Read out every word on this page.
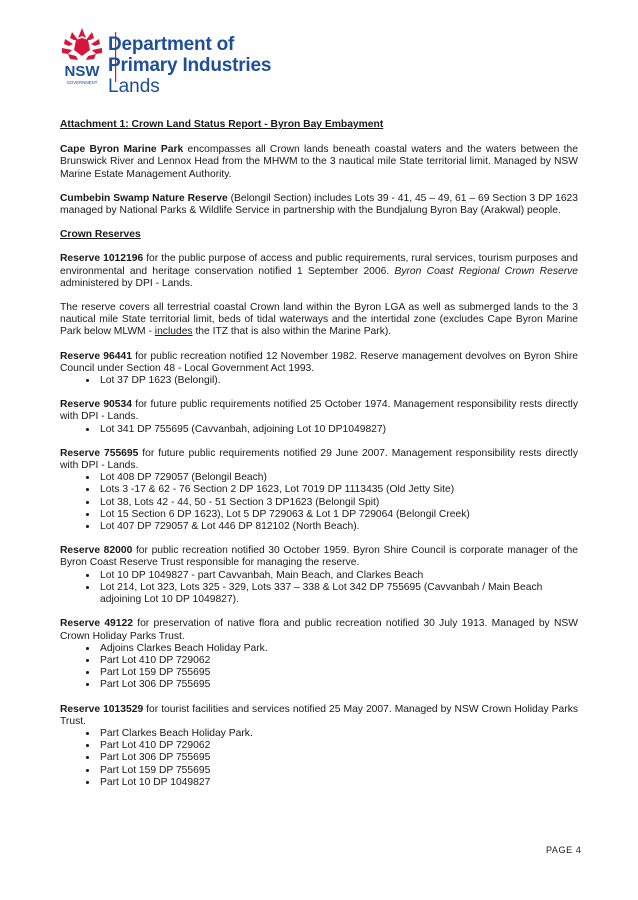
NSW
GOVERNMENT
Department of
Primary Industries
Lands

Attachment 1: Crown Land Status Report - Byron Bay Embayment

Cape Byron Marine Park encompasses all Crown lands beneath coastal waters and the waters between the Brunswick River and Lennox Head from the MHWM to the 3 nautical mile State territorial limit. Managed by NSW Marine Estate Management Authority.

Cumbebin Swamp Nature Reserve (Belongil Section) includes Lots 39 - 41, 45 – 49, 61 – 69 Section 3 DP 1623 managed by National Parks & Wildlife Service in partnership with the Bundjalung Byron Bay (Arakwal) people.

Crown Reserves

Reserve 1012196 for the public purpose of access and public requirements, rural services, tourism purposes and environmental and heritage conservation notified 1 September 2006. Byron Coast Regional Crown Reserve administered by DPI - Lands.

The reserve covers all terrestrial coastal Crown land within the Byron LGA as well as submerged lands to the 3 nautical mile State territorial limit, beds of tidal waterways and the intertidal zone (excludes Cape Byron Marine Park below MLWM - includes the ITZ that is also within the Marine Park).

Reserve 96441 for public recreation notified 12 November 1982. Reserve management devolves on Byron Shire Council under Section 48 - Local Government Act 1993.

• Lot 37 DP 1623 (Belongil).

Reserve 90534 for future public requirements notified 25 October 1974. Management responsibility rests directly with DPI - Lands.

• Lot 341 DP 755695 (Cavvanbah, adjoining Lot 10 DP1049827)

Reserve 755695 for future public requirements notified 29 June 2007. Management responsibility rests directly with DPI - Lands.

• Lot 408 DP 729057 (Belongil Beach)
• Lots 3 -17 & 62 - 76 Section 2 DP 1623, Lot 7019 DP 1113435 (Old Jetty Site)
• Lot 38, Lots 42 - 44, 50 - 51 Section 3 DP1623 (Belongil Spit)
• Lot 15 Section 6 DP 1623), Lot 5 DP 729063 & Lot 1 DP 729064 (Belongil Creek)
• Lot 407 DP 729057 & Lot 446 DP 812102 (North Beach).

Reserve 82000 for public recreation notified 30 October 1959. Byron Shire Council is corporate manager of the Byron Coast Reserve Trust responsible for managing the reserve.

• Lot 10 DP 1049827 - part Cavvanbah, Main Beach, and Clarkes Beach
• Lot 214, Lot 323, Lots 325 - 329, Lots 337 – 338 & Lot 342 DP 755695 (Cavvanbah / Main Beach adjoining Lot 10 DP 1049827).

Reserve 49122 for preservation of native flora and public recreation notified 30 July 1913. Managed by NSW Crown Holiday Parks Trust.

• Adjoins Clarkes Beach Holiday Park.
• Part Lot 410 DP 729062
• Part Lot 159 DP 755695
• Part Lot 306 DP 755695

Reserve 1013529 for tourist facilities and services notified 25 May 2007. Managed by NSW Crown Holiday Parks Trust.

• Part Clarkes Beach Holiday Park.
• Part Lot 410 DP 729062
• Part Lot 306 DP 755695
• Part Lot 159 DP 755695
• Part Lot 10 DP 1049827
PAGE 4
